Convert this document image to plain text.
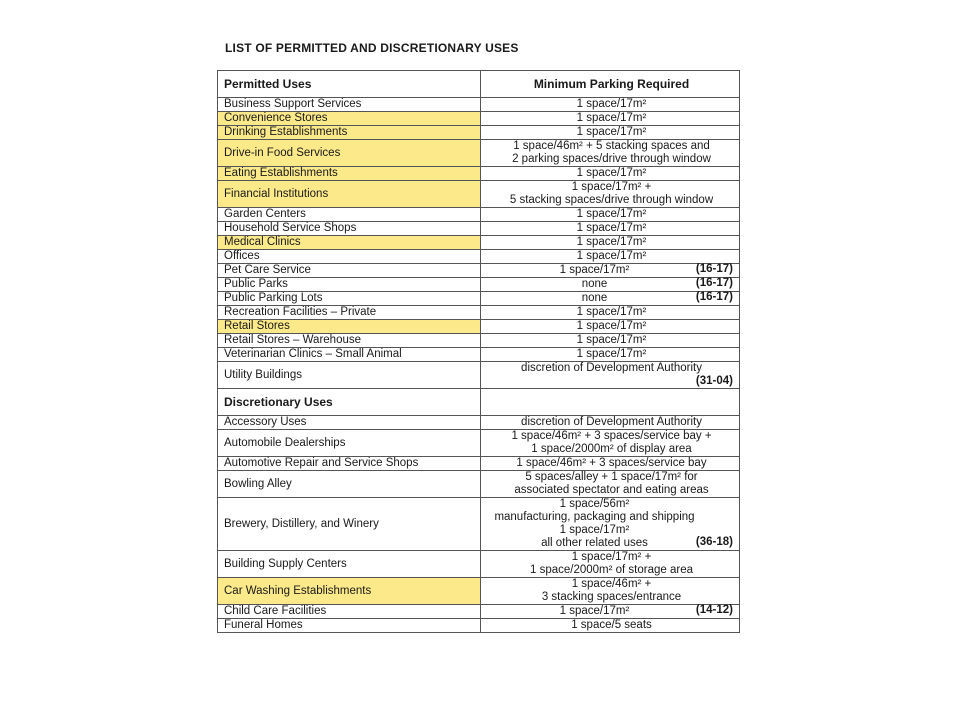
LIST OF PERMITTED AND DISCRETIONARY USES
Permitted Uses	Minimum Parking Required
Business Support Services	1 space/17m²
Convenience Stores	1 space/17m²
Drinking Establishments	1 space/17m²
Drive-in Food Services	1 space/46m² + 5 stacking spaces and
2 parking spaces/drive through window
Eating Establishments	1 space/17m²
Financial Institutions	1 space/17m² +
5 stacking spaces/drive through window
Garden Centers	1 space/17m²
Household Service Shops	1 space/17m²
Medical Clinics	1 space/17m²
Offices	1 space/17m²
Pet Care Service	1 space/17m² (16-17)

Public Parks	none (16-17)

Public Parking Lots	none (16-17)

Recreation Facilities – Private	1 space/17m²
Retail Stores	1 space/17m²
Retail Stores – Warehouse	1 space/17m²
Veterinarian Clinics – Small Animal	1 space/17m²
Utility Buildings	discretion of Development Authority
(31-04)

Discretionary Uses	
Accessory Uses	discretion of Development Authority
Automobile Dealerships	1 space/46m² + 3 spaces/service bay +
1 space/2000m² of display area
Automotive Repair and Service Shops	1 space/46m² + 3 spaces/service bay
Bowling Alley	5 spaces/alley + 1 space/17m² for
associated spectator and eating areas
Brewery, Distillery, and Winery	1 space/56m²
manufacturing, packaging and shipping
1 space/17m²
all other related uses (36-18)

Building Supply Centers	1 space/17m² +
1 space/2000m² of storage area
Car Washing Establishments	1 space/46m² +
3 stacking spaces/entrance
Child Care Facilities	1 space/17m² (14-12)

Funeral Homes	1 space/5 seats
